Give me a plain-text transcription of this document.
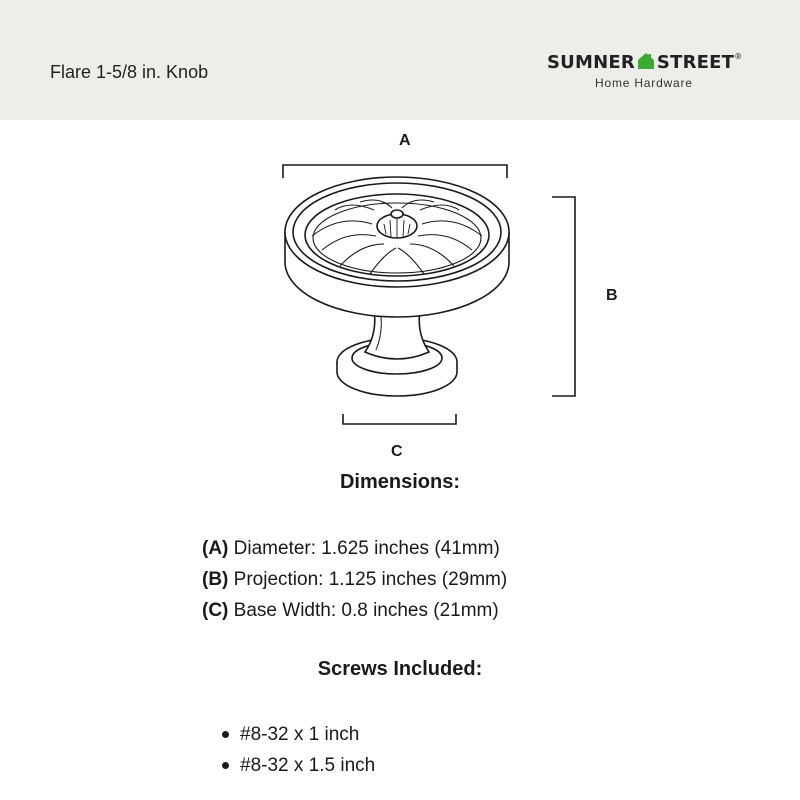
Flare 1-5/8 in. Knob	SUMNER STREET®
Home Hardware
A
B
C
Dimensions:
(A) Diameter: 1.625 inches (41mm)
(B) Projection: 1.125 inches (29mm)
(C) Base Width: 0.8 inches (21mm)
Screws Included:
#8-32 x 1 inch
#8-32 x 1.5 inch
